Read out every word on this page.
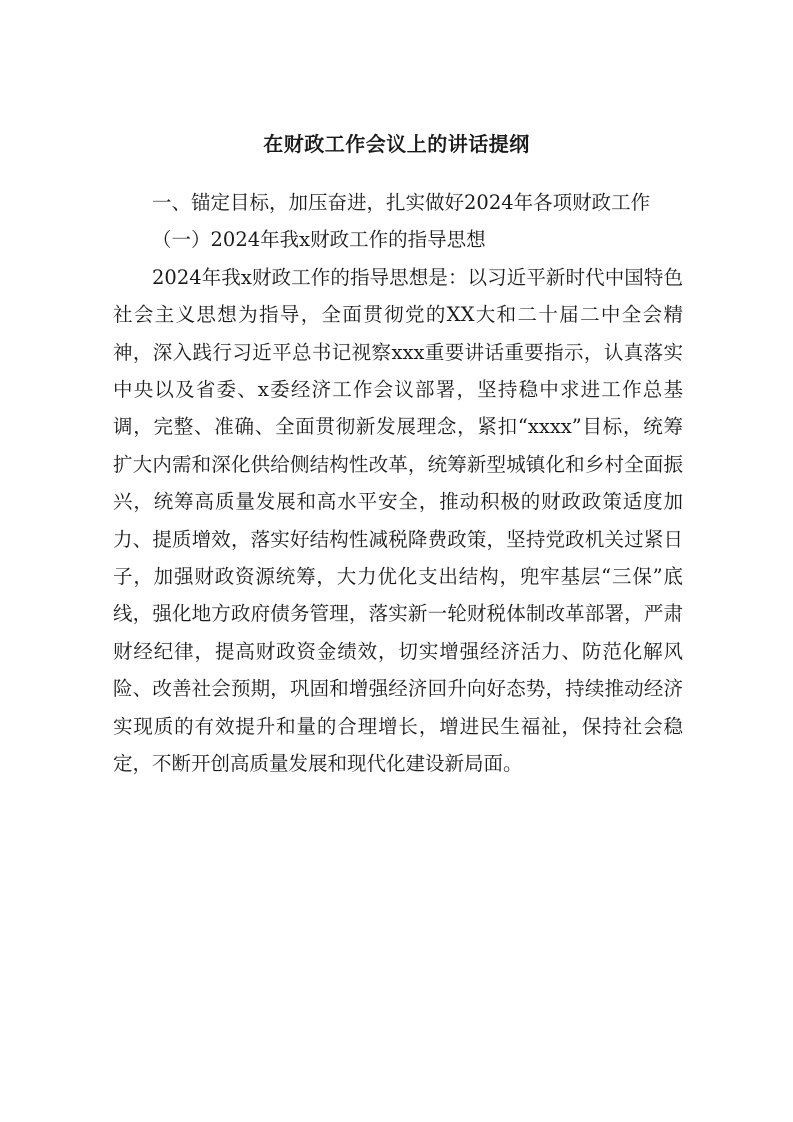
在财政工作会议上的讲话提纲

一、锚定目标，加压奋进，扎实做好2024年各项财政工作

（一）2024年我x财政工作的指导思想

2024年我x财政工作的指导思想是：以习近平新时代中国特色社会主义思想为指导，全面贯彻党的XX大和二十届二中全会精神，深入践行习近平总书记视察xxx重要讲话重要指示，认真落实中央以及省委、x委经济工作会议部署，坚持稳中求进工作总基调，完整、准确、全面贯彻新发展理念，紧扣“xxxx”目标，统筹扩大内需和深化供给侧结构性改革，统筹新型城镇化和乡村全面振兴，统筹高质量发展和高水平安全，推动积极的财政政策适度加力、提质增效，落实好结构性减税降费政策，坚持党政机关过紧日子，加强财政资源统筹，大力优化支出结构，兜牢基层“三保”底线，强化地方政府债务管理，落实新一轮财税体制改革部署，严肃财经纪律，提高财政资金绩效，切实增强经济活力、防范化解风险、改善社会预期，巩固和增强经济回升向好态势，持续推动经济实现质的有效提升和量的合理增长，增进民生福祉，保持社会稳定，不断开创高质量发展和现代化建设新局面。
